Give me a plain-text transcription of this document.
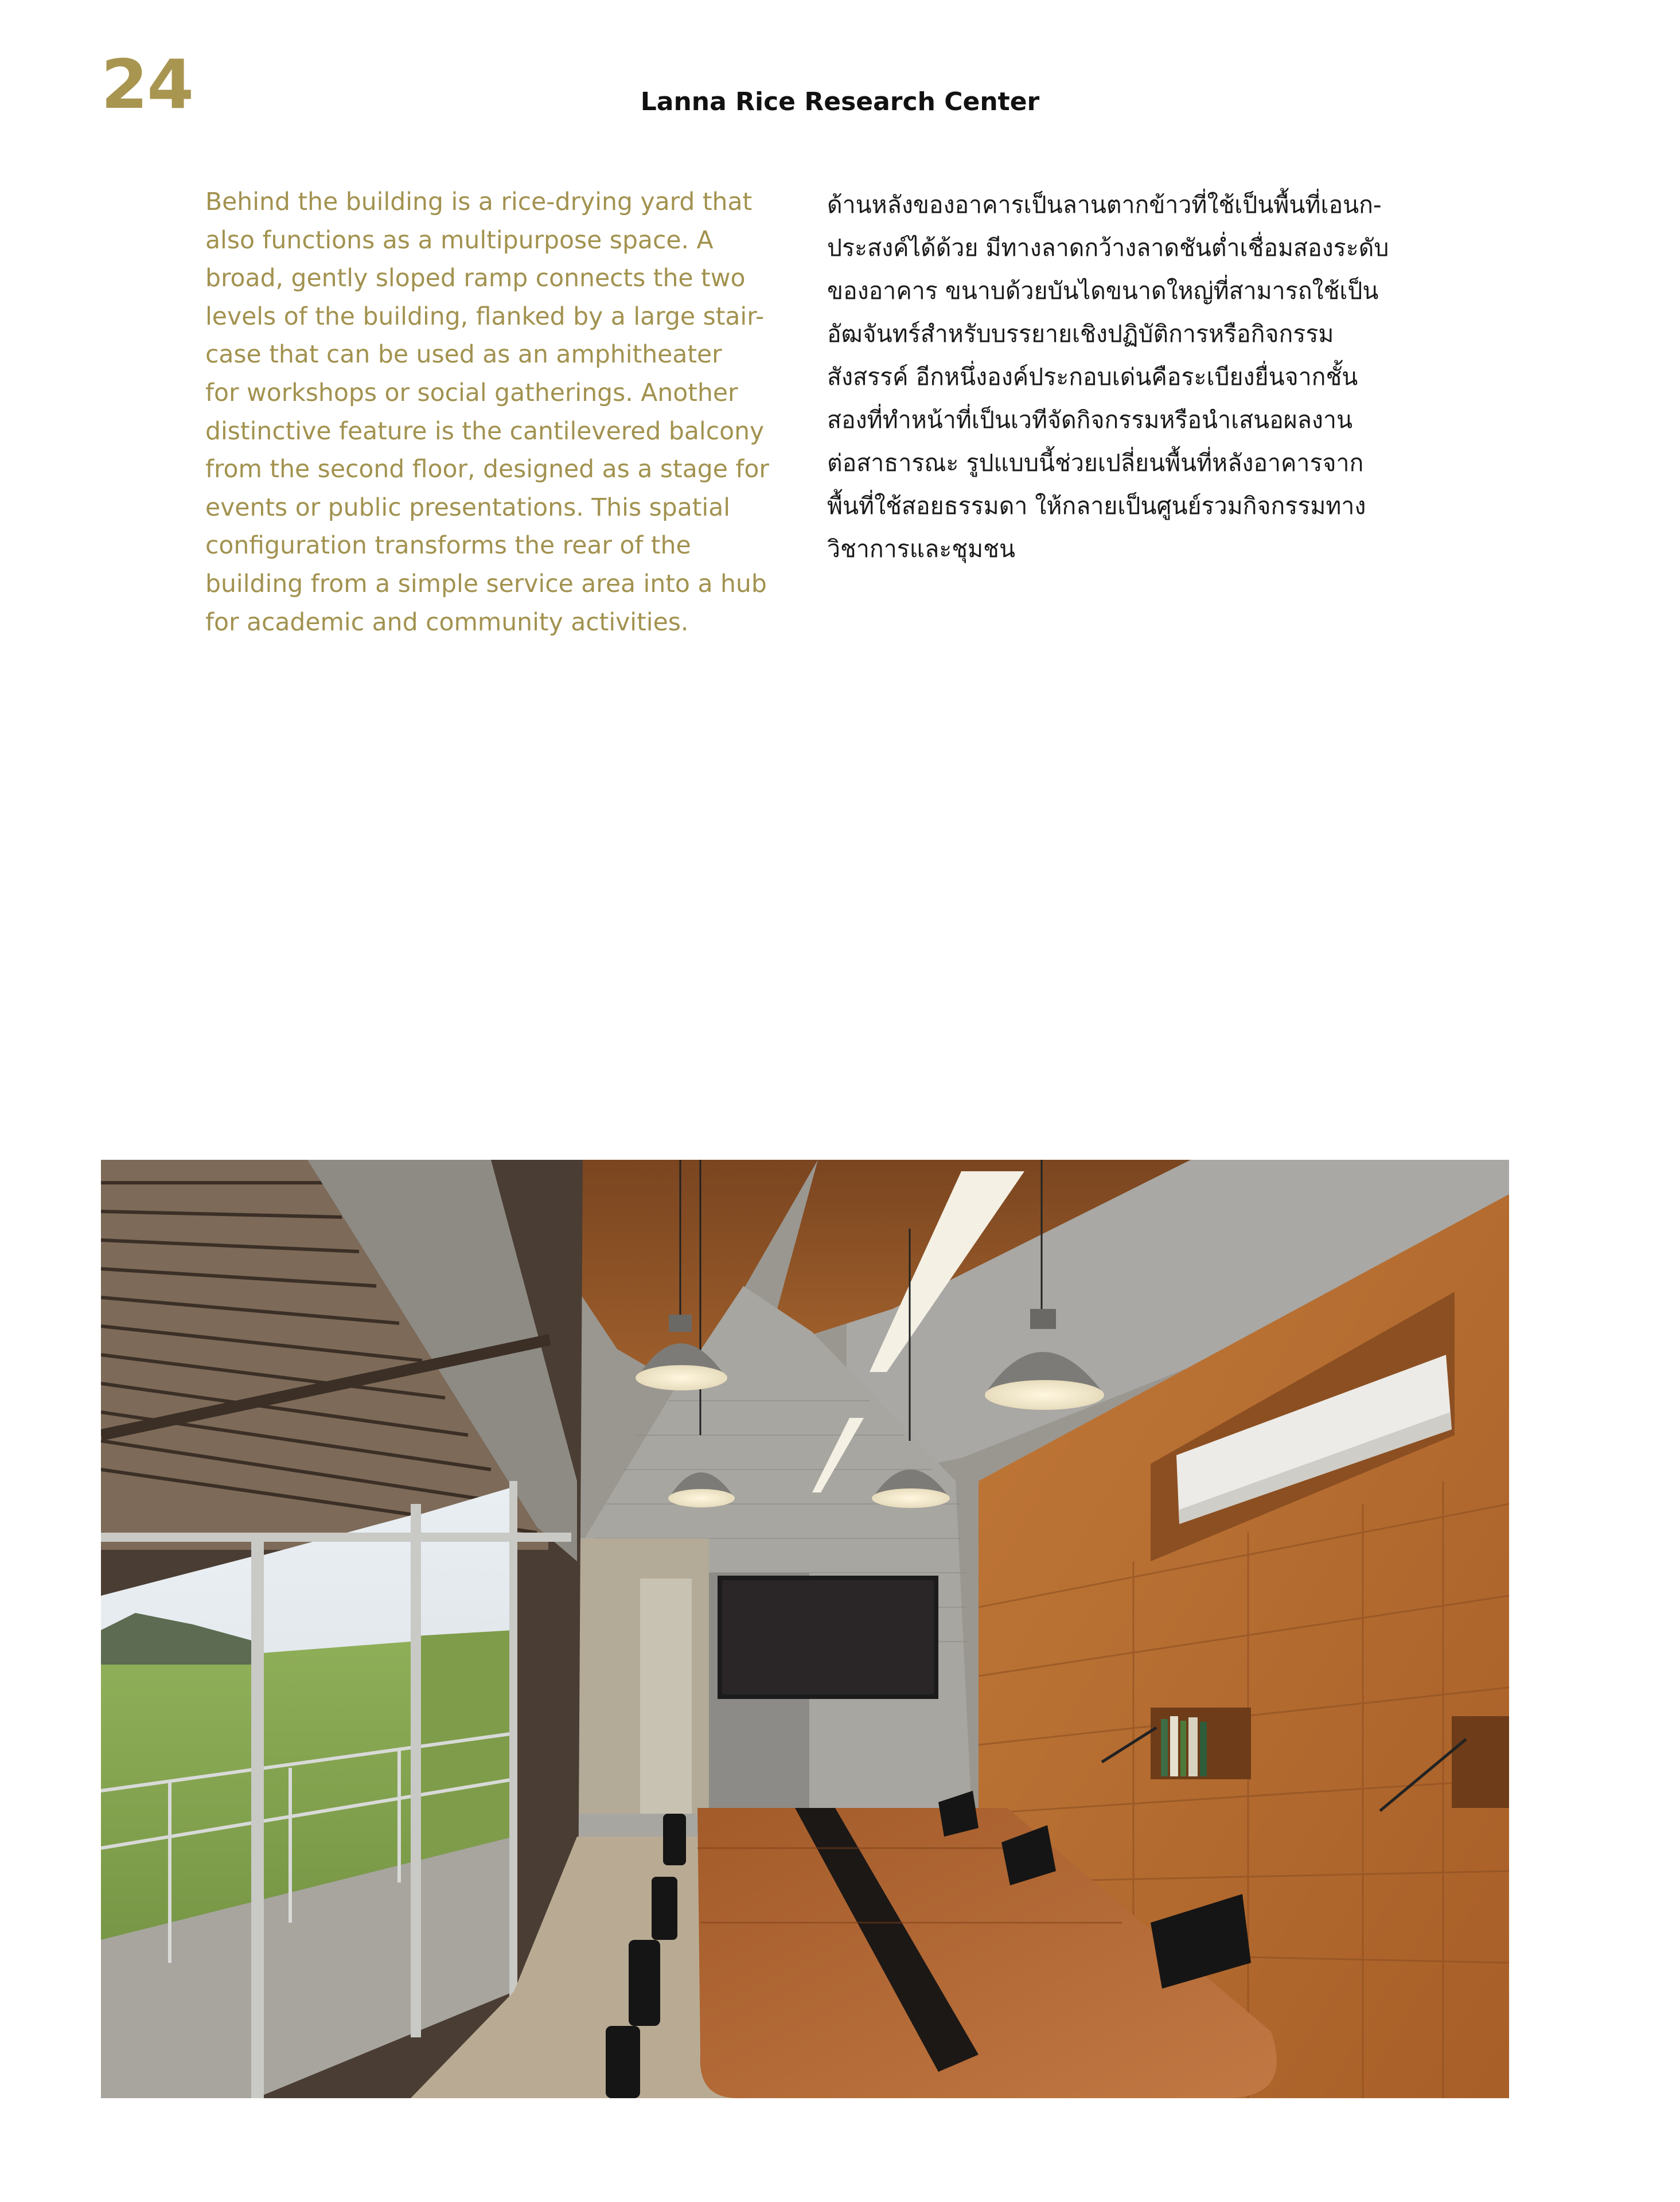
24	Lanna Rice Research Center

Behind the building is a rice-drying yard that
also functions as a multipurpose space. A
broad, gently sloped ramp connects the two
levels of the building, flanked by a large stair-
case that can be used as an amphitheater
for workshops or social gatherings. Another
distinctive feature is the cantilevered balcony
from the second floor, designed as a stage for
events or public presentations. This spatial
configuration transforms the rear of the
building from a simple service area into a hub
for academic and community activities.

ด้านหลังของอาคารเป็นลานตากข้าวที่ใช้เป็นพื้นที่เอนก-
ประสงค์ได้ด้วย มีทางลาดกว้างลาดชันต่ำเชื่อมสองระดับ
ของอาคาร ขนาบด้วยบันไดขนาดใหญ่ที่สามารถใช้เป็น
อัฒจันทร์สำหรับบรรยายเชิงปฏิบัติการหรือกิจกรรม
สังสรรค์ อีกหนึ่งองค์ประกอบเด่นคือระเบียงยื่นจากชั้น
สองที่ทำหน้าที่เป็นเวทีจัดกิจกรรมหรือนำเสนอผลงาน
ต่อสาธารณะ รูปแบบนี้ช่วยเปลี่ยนพื้นที่หลังอาคารจาก
พื้นที่ใช้สอยธรรมดา ให้กลายเป็นศูนย์รวมกิจกรรมทาง
วิชาการและชุมชน
